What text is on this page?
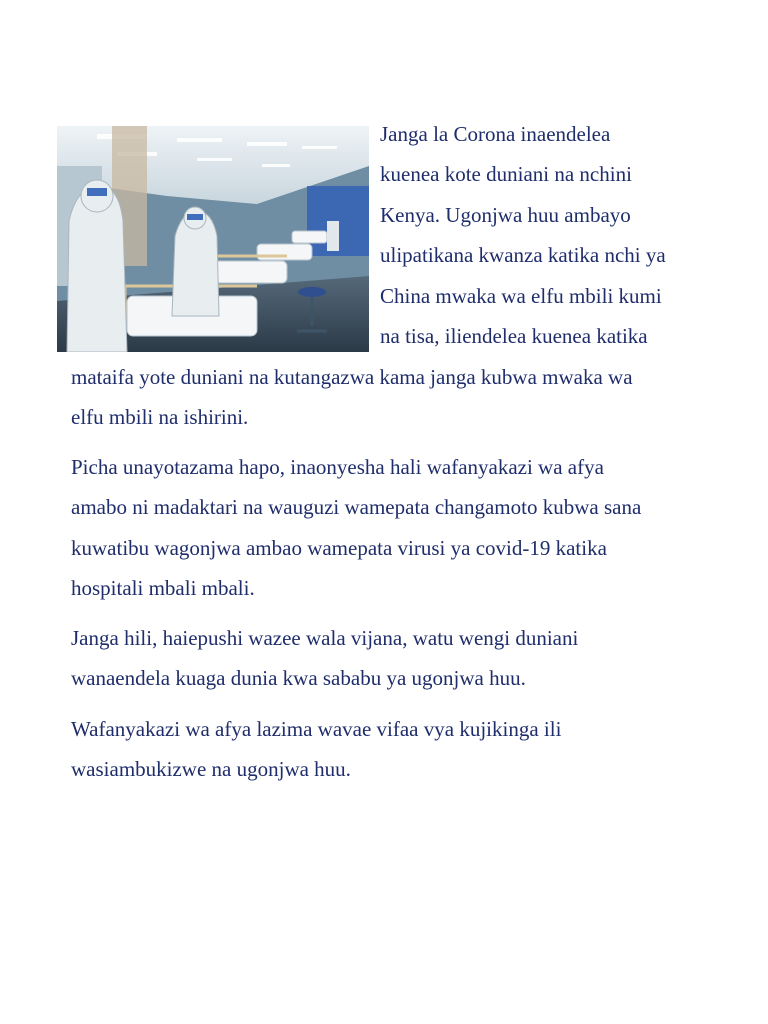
Janga la Corona inaendelea

kuenea kote duniani na nchini

Kenya. Ugonjwa huu ambayo

ulipatikana kwanza katika nchi ya

China mwaka wa elfu mbili kumi

na tisa, iliendelea kuenea katika

mataifa yote duniani na kutangazwa kama janga kubwa mwaka wa

elfu mbili na ishirini.

Picha unayotazama hapo, inaonyesha hali wafanyakazi wa afya

amabo ni madaktari na wauguzi wamepata changamoto kubwa sana

kuwatibu wagonjwa ambao wamepata virusi ya covid-19 katika

hospitali mbali mbali.

Janga hili, haiepushi wazee wala vijana, watu wengi duniani

wanaendela kuaga dunia kwa sababu ya ugonjwa huu.

Wafanyakazi wa afya lazima wavae vifaa vya kujikinga ili

wasiambukizwe na ugonjwa huu.
